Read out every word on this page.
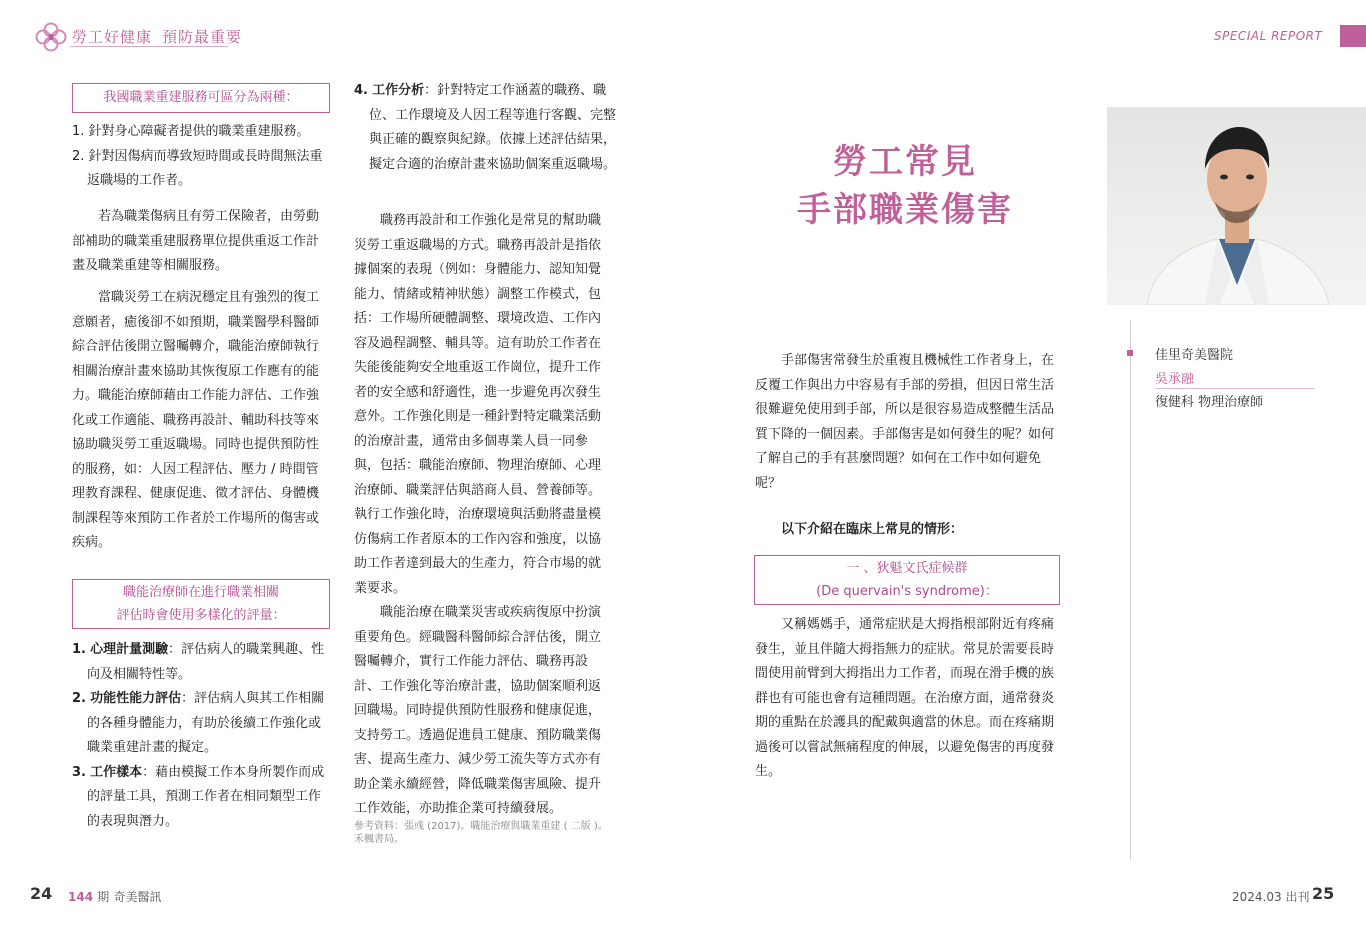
勞工好健康 預防最重要	SPECIAL REPORT
我國職業重建服務可區分為兩種：

1. 針對身心障礙者提供的職業重建服務。

2. 針對因傷病而導致短時間或長時間無法重返職場的工作者。

若為職業傷病且有勞工保險者，由勞動部補助的職業重建服務單位提供重返工作計畫及職業重建等相關服務。

當職災勞工在病況穩定且有強烈的復工意願者，癒後卻不如預期，職業醫學科醫師綜合評估後開立醫囑轉介，職能治療師執行相關治療計畫來協助其恢復原工作應有的能力。職能治療師藉由工作能力評估、工作強化或工作適能、職務再設計、輔助科技等來協助職災勞工重返職場。同時也提供預防性的服務，如：人因工程評估、壓力 / 時間管理教育課程、健康促進、徵才評估、身體機制課程等來預防工作者於工作場所的傷害或疾病。

職能治療師在進行職業相關
評估時會使用多樣化的評量：

1. 心理計量測驗：評估病人的職業興趣、性向及相關特性等。

2. 功能性能力評估：評估病人與其工作相關的各種身體能力，有助於後續工作強化或職業重建計畫的擬定。

3. 工作樣本：藉由模擬工作本身所製作而成的評量工具，預測工作者在相同類型工作的表現與潛力。

4. 工作分析：針對特定工作涵蓋的職務、職位、工作環境及人因工程等進行客觀、完整與正確的觀察與紀錄。依據上述評估結果，擬定合適的治療計畫來協助個案重返職場。

職務再設計和工作強化是常見的幫助職災勞工重返職場的方式。職務再設計是指依據個案的表現（例如：身體能力、認知知覺能力、情緒或精神狀態）調整工作模式，包括：工作場所硬體調整、環境改造、工作內容及過程調整、輔具等。這有助於工作者在失能後能夠安全地重返工作崗位，提升工作者的安全感和舒適性，進一步避免再次發生意外。工作強化則是一種針對特定職業活動的治療計畫，通常由多個專業人員一同參與，包括：職能治療師、物理治療師、心理治療師、職業評估與諮商人員、營養師等。執行工作強化時，治療環境與活動將盡量模仿傷病工作者原本的工作內容和強度，以協助工作者達到最大的生產力，符合市場的就業要求。

職能治療在職業災害或疾病復原中扮演重要角色。經職醫科醫師綜合評估後，開立醫囑轉介，實行工作能力評估、職務再設計、工作強化等治療計畫，協助個案順利返回職場。同時提供預防性服務和健康促進，支持勞工。透過促進員工健康、預防職業傷害、提高生產力、減少勞工流失等方式亦有助企業永續經營，降低職業傷害風險、提升工作效能，亦助推企業可持續發展。

參考資料：張彧 (2017)。職能治療與職業重建 ( 二版 )。禾楓書局。
勞工常見
手部職業傷害
佳里奇美醫院
吳承融
復健科 物理治療師

手部傷害常發生於重複且機械性工作者身上，在反覆工作與出力中容易有手部的勞損，但因日常生活很難避免使用到手部，所以是很容易造成整體生活品質下降的一個因素。手部傷害是如何發生的呢？如何了解自己的手有甚麼問題？如何在工作中如何避免呢？

以下介紹在臨床上常見的情形：

一 、狄魁文氏症候群
(De quervain's syndrome)：

又稱媽媽手，通常症狀是大拇指根部附近有疼痛發生，並且伴隨大拇指無力的症狀。常見於需要長時間使用前臂到大拇指出力工作者，而現在滑手機的族群也有可能也會有這種問題。在治療方面，通常發炎期的重點在於護具的配戴與適當的休息。而在疼痛期過後可以嘗試無痛程度的伸展，以避免傷害的再度發生。

24 144 期 奇美醫訊	2024.03 出刊 25
